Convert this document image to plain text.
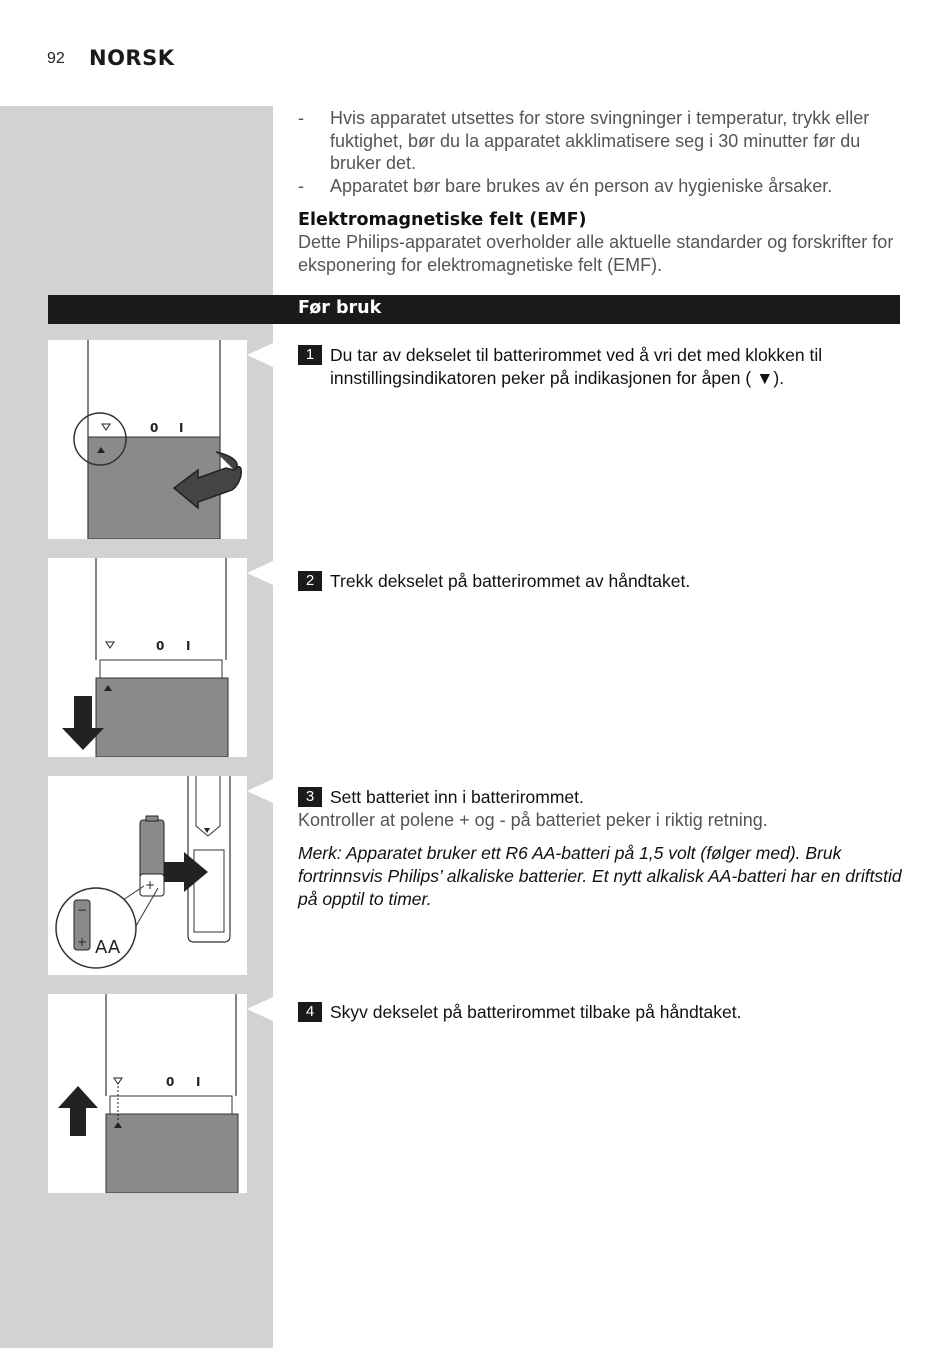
92 NORSK
-	Hvis apparatet utsettes for store svingninger i temperatur, trykk eller fuktighet, bør du la apparatet akklimatisere seg i 30 minutter før du bruker det.
-	Apparatet bør bare brukes av én person av hygieniske årsaker.
Elektromagnetiske felt (EMF)
Dette Philips-apparatet overholder alle aktuelle standarder og forskrifter for eksponering for elektromagnetiske felt (EMF).
Før bruk
0 I
0 I
+
−
+ AA
0 I
1 Du tar av dekselet til batterirommet ved å vri det med klokken til innstillingsindikatoren peker på indikasjonen for åpen ( ▼).
2 Trekk dekselet på batterirommet av håndtaket.
3 Sett batteriet inn i batterirommet.
Kontroller at polene + og - på batteriet peker i riktig retning.
Merk: Apparatet bruker ett R6 AA-batteri på 1,5 volt (følger med). Bruk fortrinnsvis Philips’ alkaliske batterier. Et nytt alkalisk AA-batteri har en driftstid på opptil to timer.
4 Skyv dekselet på batterirommet tilbake på håndtaket.
